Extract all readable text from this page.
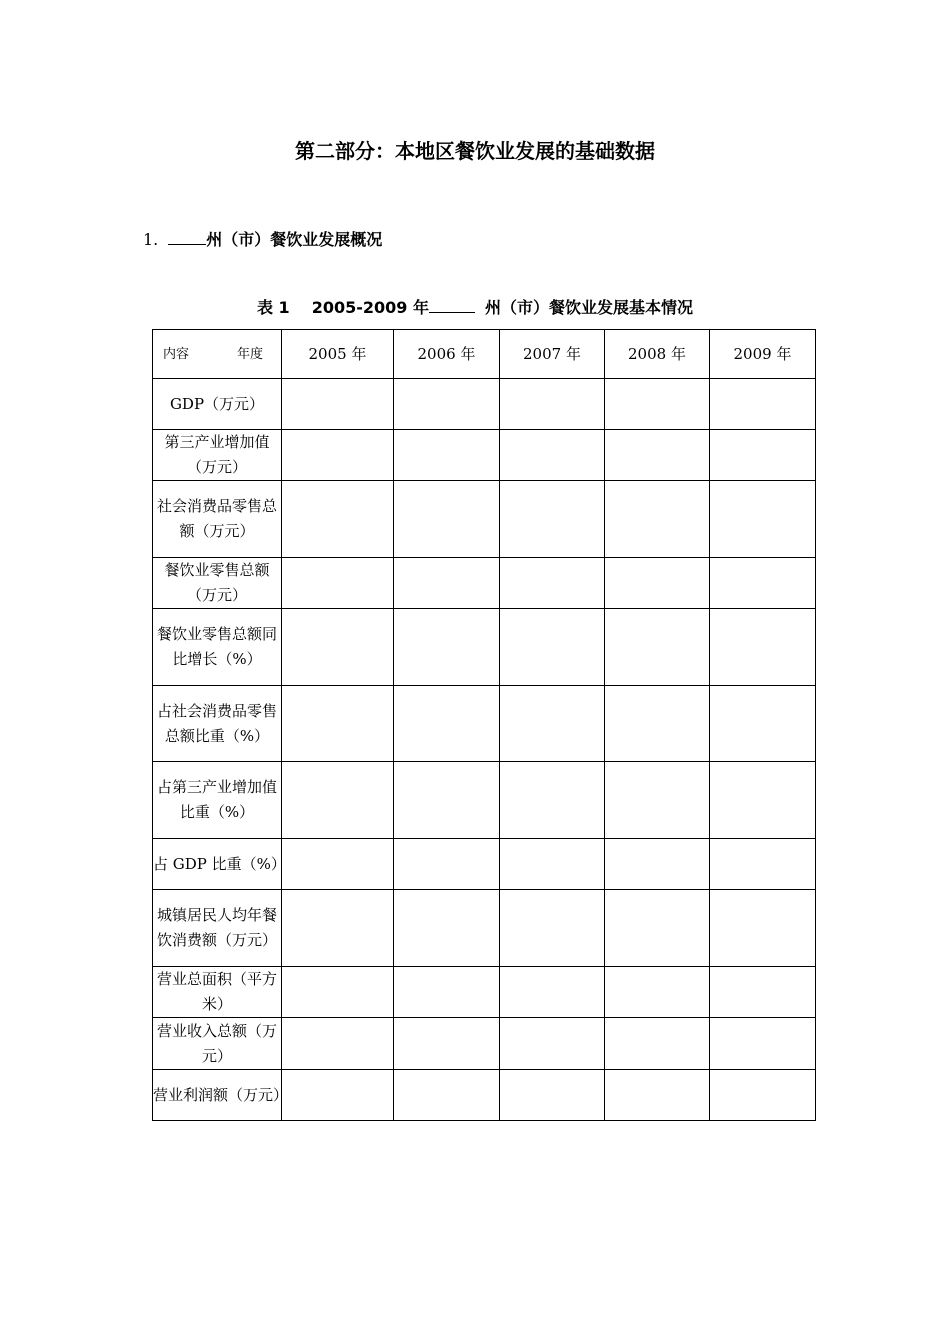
第二部分：本地区餐饮业发展的基础数据
1.	州（市）餐饮业发展概况
表 1 2005-2009 年	州（市）餐饮业发展基本情况
内容 年度	2005 年	2006 年	2007 年	2008 年	2009 年
GDP（万元）					
第三产业增加值（万元）					
社会消费品零售总额（万元）					
餐饮业零售总额（万元）					
餐饮业零售总额同比增长（%）					
占社会消费品零售总额比重（%）					
占第三产业增加值比重（%）					
占 GDP 比重（%）					
城镇居民人均年餐饮消费额（万元）					
营业总面积（平方米）					
营业收入总额（万元）					
营业利润额（万元）					
